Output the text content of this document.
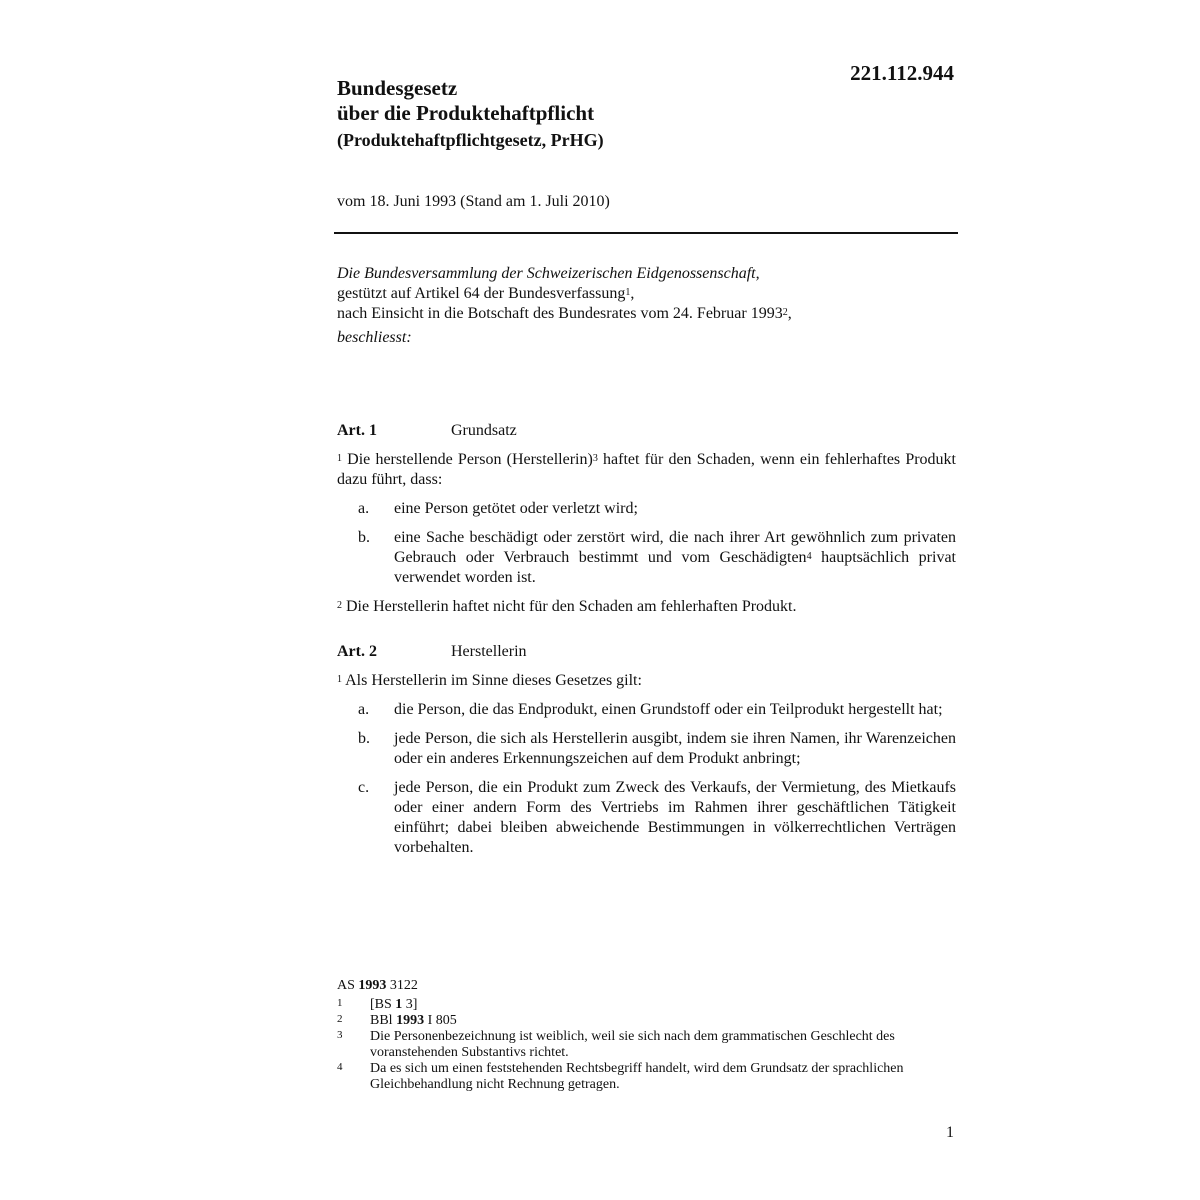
221.112.944
Bundesgesetz
über die Produktehaftpflicht
(Produktehaftpflichtgesetz, PrHG)
vom 18. Juni 1993 (Stand am 1. Juli 2010)
Die Bundesversammlung der Schweizerischen Eidgenossenschaft,
gestützt auf Artikel 64 der Bundesverfassung$^1$,
nach Einsicht in die Botschaft des Bundesrates vom 24. Februar 1993$^2$,
beschliesst:
Art. 1	Grundsatz
$^1$ Die herstellende Person (Herstellerin)$^3$ haftet für den Schaden, wenn ein fehlerhaftes Produkt dazu führt, dass:
a.	eine Person getötet oder verletzt wird;
b.	eine Sache beschädigt oder zerstört wird, die nach ihrer Art gewöhnlich zum privaten Gebrauch oder Verbrauch bestimmt und vom Geschädigten$^4$ hauptsächlich privat verwendet worden ist.
$^2$ Die Herstellerin haftet nicht für den Schaden am fehlerhaften Produkt.
Art. 2	Herstellerin
$^1$ Als Herstellerin im Sinne dieses Gesetzes gilt:
a.	die Person, die das Endprodukt, einen Grundstoff oder ein Teilprodukt hergestellt hat;
b.	jede Person, die sich als Herstellerin ausgibt, indem sie ihren Namen, ihr Warenzeichen oder ein anderes Erkennungszeichen auf dem Produkt anbringt;
c.	jede Person, die ein Produkt zum Zweck des Verkaufs, der Vermietung, des Mietkaufs oder einer andern Form des Vertriebs im Rahmen ihrer geschäftlichen Tätigkeit einführt; dabei bleiben abweichende Bestimmungen in völkerrechtlichen Verträgen vorbehalten.
AS 1993 3122
1	[BS 1 3]
2	BBl 1993 I 805
3	Die Personenbezeichnung ist weiblich, weil sie sich nach dem grammatischen Geschlecht des voranstehenden Substantivs richtet.
4	Da es sich um einen feststehenden Rechtsbegriff handelt, wird dem Grundsatz der sprachlichen Gleichbehandlung nicht Rechnung getragen.
1
